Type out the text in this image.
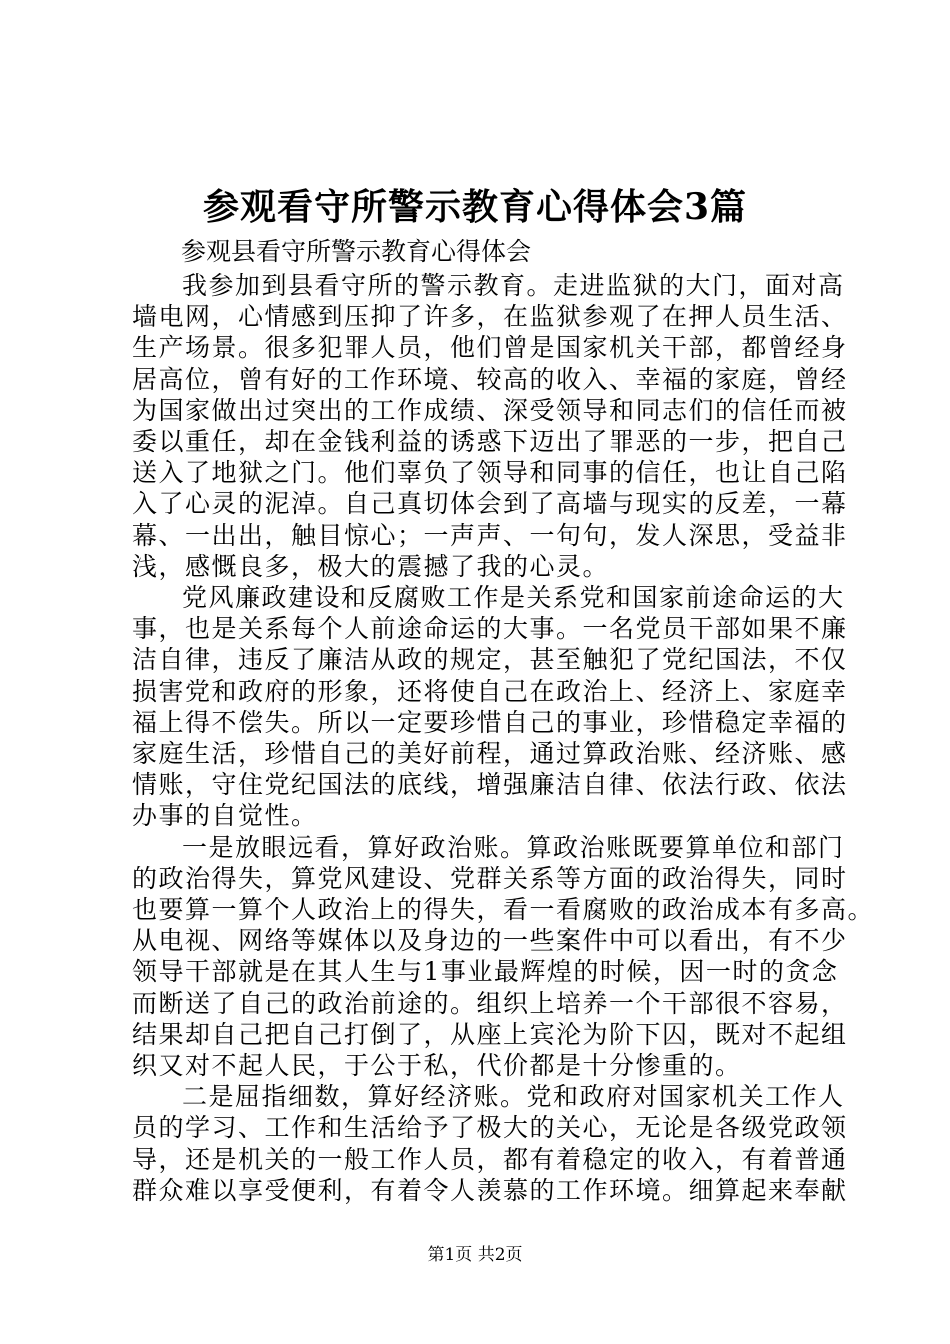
参观看守所警示教育心得体会3篇
参观县看守所警示教育心得体会
我参加到县看守所的警示教育。走进监狱的大门，面对高
墙电网，心情感到压抑了许多，在监狱参观了在押人员生活、
生产场景。很多犯罪人员，他们曾是国家机关干部，都曾经身
居高位，曾有好的工作环境、较高的收入、幸福的家庭，曾经
为国家做出过突出的工作成绩、深受领导和同志们的信任而被
委以重任，却在金钱利益的诱惑下迈出了罪恶的一步，把自己
送入了地狱之门。他们辜负了领导和同事的信任，也让自己陷
入了心灵的泥淖。自己真切体会到了高墙与现实的反差，一幕
幕、一出出，触目惊心；一声声、一句句，发人深思，受益非
浅，感慨良多，极大的震撼了我的心灵。
党风廉政建设和反腐败工作是关系党和国家前途命运的大
事，也是关系每个人前途命运的大事。一名党员干部如果不廉
洁自律，违反了廉洁从政的规定，甚至触犯了党纪国法，不仅
损害党和政府的形象，还将使自己在政治上、经济上、家庭幸
福上得不偿失。所以一定要珍惜自己的事业，珍惜稳定幸福的
家庭生活，珍惜自己的美好前程，通过算政治账、经济账、感
情账，守住党纪国法的底线，增强廉洁自律、依法行政、依法
办事的自觉性。
一是放眼远看，算好政治账。算政治账既要算单位和部门
的政治得失，算党风建设、党群关系等方面的政治得失，同时
也要算一算个人政治上的得失，看一看腐败的政治成本有多高。
从电视、网络等媒体以及身边的一些案件中可以看出，有不少
领导干部就是在其人生与1事业最辉煌的时候，因一时的贪念
而断送了自己的政治前途的。组织上培养一个干部很不容易，
结果却自己把自己打倒了，从座上宾沦为阶下囚，既对不起组
织又对不起人民，于公于私，代价都是十分惨重的。
二是屈指细数，算好经济账。党和政府对国家机关工作人
员的学习、工作和生活给予了极大的关心，无论是各级党政领
导，还是机关的一般工作人员，都有着稳定的收入，有着普通
群众难以享受便利，有着令人羡慕的工作环境。细算起来奉献
第1页 共2页
